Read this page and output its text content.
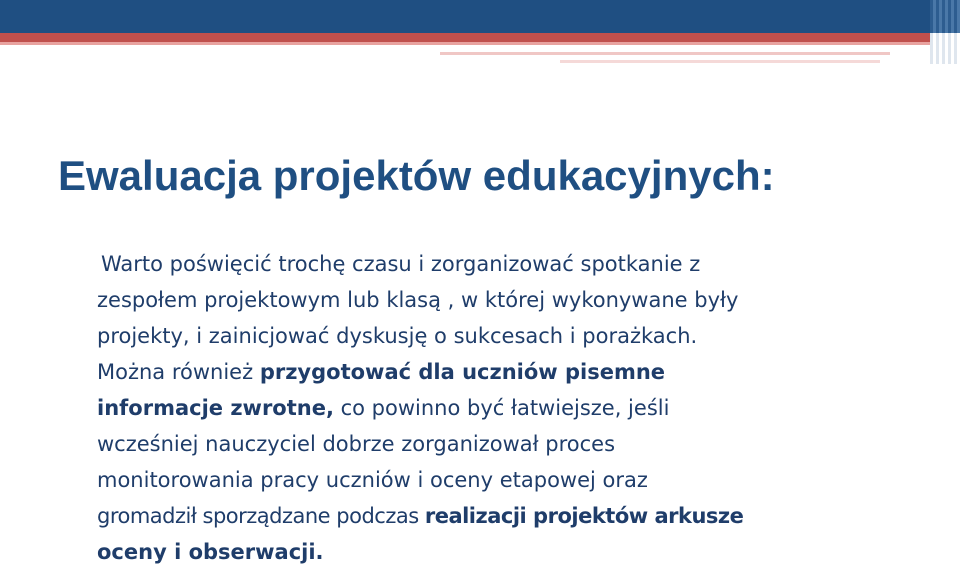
Ewaluacja projektów edukacyjnych:
Warto poświęcić trochę czasu i zorganizować spotkanie z
zespołem projektowym lub klasą , w której wykonywane były
projekty, i zainicjować dyskusję o sukcesach i porażkach.
Można również przygotować dla uczniów pisemne
informacje zwrotne, co powinno być łatwiejsze, jeśli
wcześniej nauczyciel dobrze zorganizował proces
monitorowania pracy uczniów i oceny etapowej oraz
gromadził sporządzane podczas realizacji projektów arkusze
oceny i obserwacji.
